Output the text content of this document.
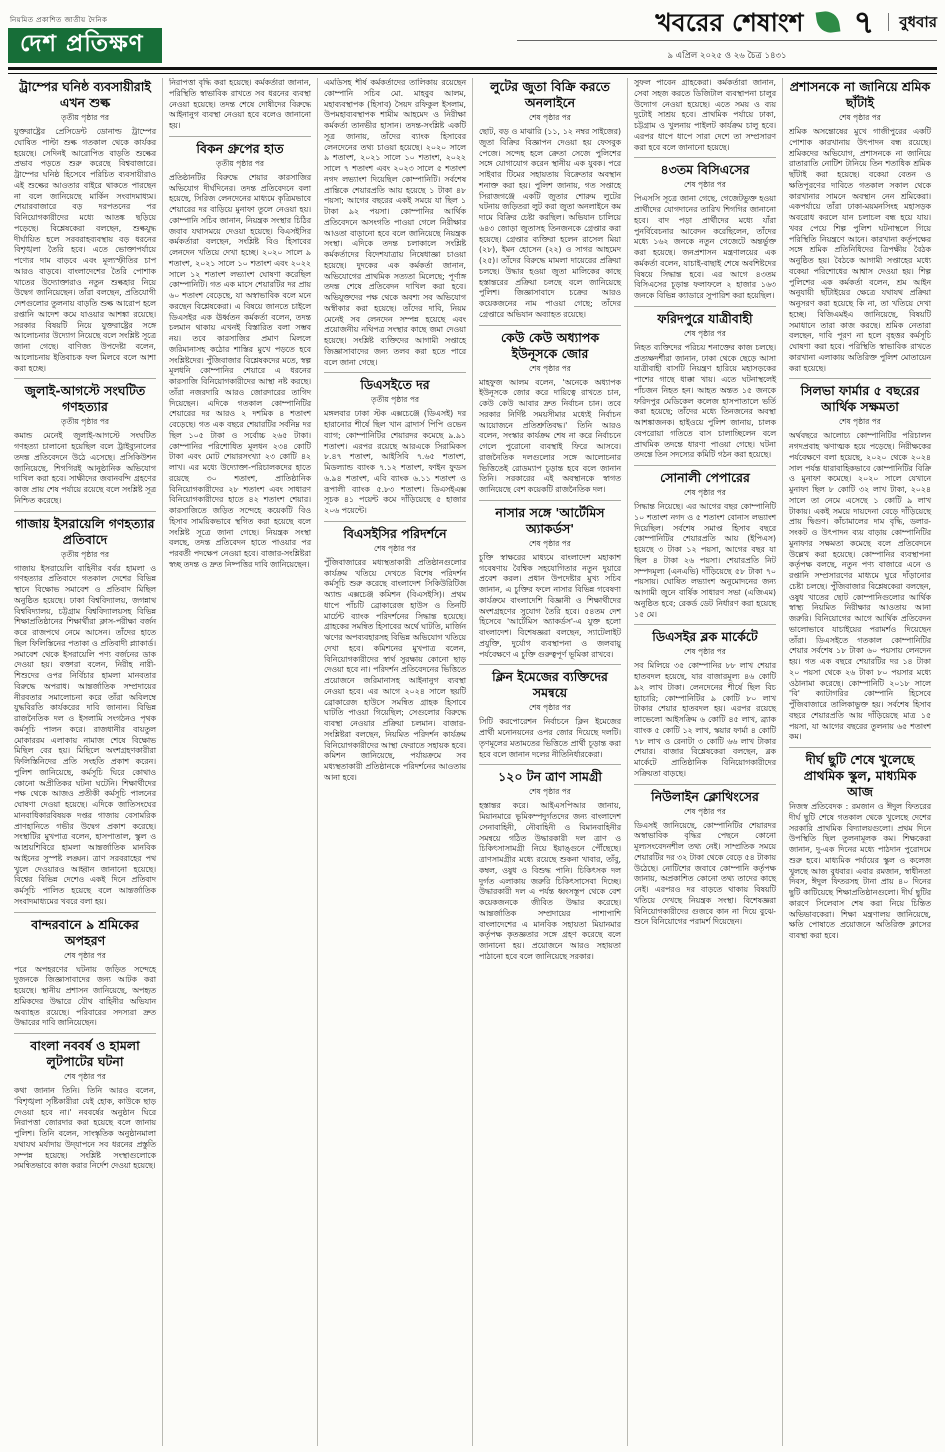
নিয়মিত প্রকাশিত জাতীয় দৈনিক
দেশ প্রতিক্ষণ
খবরের শেষাংশ ৭	বুধবার
৯ এপ্রিল ২০২৫ ও ২৬ চৈত্র ১৪৩১
ট্রাম্পের ঘনিষ্ঠ ব্যবসায়ীরাই এখন শুল্ক
তৃতীয় পৃষ্ঠার পর

যুক্তরাষ্ট্রের প্রেসিডেন্ট ডোনাল্ড ট্রাম্পের ঘোষিত পাল্টা শুল্ক গতকাল থেকে কার্যকর হয়েছে। সেদিনই আরোপিত বাড়তি শুল্কের প্রভাব পড়তে শুরু করেছে বিশ্ববাজারে। ট্রাম্পের ঘনিষ্ঠ হিসেবে পরিচিত ব্যবসায়ীরাও এই শুল্কের আওতার বাইরে থাকতে পারছেন না বলে জানিয়েছে মার্কিন সংবাদমাধ্যম। শেয়ারবাজারে বড় দরপতনের পর বিনিয়োগকারীদের মধ্যে আতঙ্ক ছড়িয়ে পড়েছে। বিশ্লেষকেরা বলছেন, শুল্কযুদ্ধ দীর্ঘায়িত হলে সরবরাহব্যবস্থায় বড় ধরনের বিশৃঙ্খলা তৈরি হবে। এতে ভোক্তাপর্যায়ে পণ্যের দাম বাড়বে এবং মূল্যস্ফীতির চাপ আরও বাড়বে। বাংলাদেশের তৈরি পোশাক খাতের উদ্যোক্তারাও নতুন শুল্কহার নিয়ে উদ্বেগ জানিয়েছেন। তাঁরা বলছেন, প্রতিযোগী দেশগুলোর তুলনায় বাড়তি শুল্ক আরোপ হলে রপ্তানি আদেশ কমে যাওয়ার আশঙ্কা রয়েছে। সরকার বিষয়টি নিয়ে যুক্তরাষ্ট্রের সঙ্গে আলোচনার উদ্যোগ নিয়েছে বলে সংশ্লিষ্ট সূত্রে জানা গেছে। বাণিজ্য উপদেষ্টা বলেন, আলোচনায় ইতিবাচক ফল মিলবে বলে আশা করা হচ্ছে।

জুলাই-আগস্টে সংঘটিত গণহত্যার
তৃতীয় পৃষ্ঠার পর

কমান্ড মেনেই জুলাই-আগস্টে সংঘটিত গণহত্যা চালানো হয়েছিল বলে ট্রাইব্যুনালের তদন্ত প্রতিবেদনে উঠে এসেছে। প্রসিকিউশন জানিয়েছে, শিগগিরই আনুষ্ঠানিক অভিযোগ দাখিল করা হবে। সাক্ষীদের জবানবন্দি গ্রহণের কাজ প্রায় শেষ পর্যায়ে রয়েছে বলে সংশ্লিষ্ট সূত্র নিশ্চিত করেছে।

গাজায় ইসরায়েলি গণহত্যার প্রতিবাদে
তৃতীয় পৃষ্ঠার পর

গাজায় ইসরায়েলি বাহিনীর বর্বর হামলা ও গণহত্যার প্রতিবাদে গতকাল দেশের বিভিন্ন স্থানে বিক্ষোভ সমাবেশ ও প্রতিবাদ মিছিল অনুষ্ঠিত হয়েছে। ঢাকা বিশ্ববিদ্যালয়, জগন্নাথ বিশ্ববিদ্যালয়, চট্টগ্রাম বিশ্ববিদ্যালয়সহ বিভিন্ন শিক্ষাপ্রতিষ্ঠানের শিক্ষার্থীরা ক্লাস-পরীক্ষা বর্জন করে রাজপথে নেমে আসেন। তাঁদের হাতে ছিল ফিলিস্তিনের পতাকা ও প্রতিবাদী প্ল্যাকার্ড। সমাবেশ থেকে ইসরায়েলি পণ্য বর্জনের ডাক দেওয়া হয়। বক্তারা বলেন, নিরীহ নারী-শিশুদের ওপর নির্বিচার হামলা মানবতার বিরুদ্ধে অপরাধ। আন্তর্জাতিক সম্প্রদায়ের নীরবতার সমালোচনা করে তাঁরা অবিলম্বে যুদ্ধবিরতি কার্যকরের দাবি জানান। বিভিন্ন রাজনৈতিক দল ও ইসলামি সংগঠনও পৃথক কর্মসূচি পালন করে। রাজধানীর বায়তুল মোকাররম এলাকায় নামাজ শেষে বিক্ষোভ মিছিল বের হয়। মিছিলে অংশগ্রহণকারীরা ফিলিস্তিনিদের প্রতি সংহতি প্রকাশ করেন। পুলিশ জানিয়েছে, কর্মসূচি ঘিরে কোথাও কোনো অপ্রীতিকর ঘটনা ঘটেনি। শিক্ষার্থীদের পক্ষ থেকে আজও প্রতীকী কর্মসূচি পালনের ঘোষণা দেওয়া হয়েছে। এদিকে জাতিসংঘের মানবাধিকারবিষয়ক দপ্তর গাজায় বেসামরিক প্রাণহানিতে গভীর উদ্বেগ প্রকাশ করেছে। সংস্থাটির মুখপাত্র বলেন, হাসপাতাল, স্কুল ও আশ্রয়শিবিরে হামলা আন্তর্জাতিক মানবিক আইনের সুস্পষ্ট লঙ্ঘন। ত্রাণ সরবরাহের পথ খুলে দেওয়ারও আহ্বান জানানো হয়েছে। বিশ্বের বিভিন্ন দেশেও একই দিনে প্রতিবাদ কর্মসূচি পালিত হয়েছে বলে আন্তর্জাতিক সংবাদমাধ্যমের খবরে বলা হয়।

বান্দরবানে ৯ শ্রমিকের অপহরণ
শেষ পৃষ্ঠার পর

পরে অপহরণের ঘটনায় জড়িত সন্দেহে দুজনকে জিজ্ঞাসাবাদের জন্য আটক করা হয়েছে। স্থানীয় প্রশাসন জানিয়েছে, অপহৃত শ্রমিকদের উদ্ধারে যৌথ বাহিনীর অভিযান অব্যাহত রয়েছে। পরিবারের সদস্যরা দ্রুত উদ্ধারের দাবি জানিয়েছেন।

বাংলা নববর্ষ ও হামলা লুটপাটের ঘটনা
শেষ পৃষ্ঠার পর

কথা জানান তিনি। তিনি আরও বলেন, 'বিশৃঙ্খলা সৃষ্টিকারীরা যেই হোক, কাউকে ছাড় দেওয়া হবে না।' নববর্ষের অনুষ্ঠান ঘিরে নিরাপত্তা জোরদার করা হয়েছে বলে জানায় পুলিশ। তিনি বলেন, সাংস্কৃতিক অনুষ্ঠানমালা যথাযথ মর্যাদায় উদ্‌যাপনে সব ধরনের প্রস্তুতি সম্পন্ন হয়েছে। সংশ্লিষ্ট সংস্থাগুলোকে সমন্বিতভাবে কাজ করার নির্দেশ দেওয়া হয়েছে।

নিরাপত্তা বৃদ্ধি করা হয়েছে। কর্মকর্তারা জানান, পরিস্থিতি স্বাভাবিক রাখতে সব ধরনের ব্যবস্থা নেওয়া হয়েছে। তদন্ত শেষে দোষীদের বিরুদ্ধে আইনানুগ ব্যবস্থা নেওয়া হবে বলেও জানানো হয়।

বিকন গ্রুপের হাত
তৃতীয় পৃষ্ঠার পর

প্রতিষ্ঠানটির বিরুদ্ধে শেয়ার কারসাজির অভিযোগ দীর্ঘদিনের। তদন্ত প্রতিবেদনে বলা হয়েছে, সিরিজ লেনদেনের মাধ্যমে কৃত্রিমভাবে শেয়ারের দর বাড়িয়ে মুনাফা তুলে নেওয়া হয়। কোম্পানি সচিব জানান, নিয়ন্ত্রক সংস্থার চিঠির জবাব যথাসময়ে দেওয়া হয়েছে। বিএসইসির কর্মকর্তারা বলছেন, সংশ্লিষ্ট বিও হিসাবের লেনদেন খতিয়ে দেখা হচ্ছে। ২০২০ সালে ৯ শতাংশ, ২০২১ সালে ১০ শতাংশ এবং ২০২২ সালে ১২ শতাংশ লভ্যাংশ ঘোষণা করেছিল কোম্পানিটি। গত এক মাসে শেয়ারটির দর প্রায় ৬০ শতাংশ বেড়েছে, যা অস্বাভাবিক বলে মনে করছেন বিশ্লেষকেরা। এ বিষয়ে জানতে চাইলে ডিএসইর এক ঊর্ধ্বতন কর্মকর্তা বলেন, তদন্ত চলমান থাকায় এখনই বিস্তারিত বলা সম্ভব নয়। তবে কারসাজির প্রমাণ মিললে জরিমানাসহ কঠোর শাস্তির মুখে পড়তে হবে সংশ্লিষ্টদের। পুঁজিবাজার বিশ্লেষকদের মতে, স্বল্প মূলধনি কোম্পানির শেয়ারে এ ধরনের কারসাজি বিনিয়োগকারীদের আস্থা নষ্ট করছে। তাঁরা নজরদারি আরও জোরদারের তাগিদ দিয়েছেন। এদিকে গতকাল কোম্পানিটির শেয়ারের দর আরও ২ দশমিক ৪ শতাংশ বেড়েছে। গত এক বছরে শেয়ারটির সর্বনিম্ন দর ছিল ১০৫ টাকা ও সর্বোচ্চ ২৬৫ টাকা। কোম্পানির পরিশোধিত মূলধন ২৩৪ কোটি টাকা এবং মোট শেয়ারসংখ্যা ২৩ কোটি ৪২ লাখ। এর মধ্যে উদ্যোক্তা-পরিচালকদের হাতে রয়েছে ৩০ শতাংশ, প্রাতিষ্ঠানিক বিনিয়োগকারীদের ২৮ শতাংশ এবং সাধারণ বিনিয়োগকারীদের হাতে ৪২ শতাংশ শেয়ার। কারসাজিতে জড়িত সন্দেহে কয়েকটি বিও হিসাব সাময়িকভাবে স্থগিত করা হয়েছে বলে সংশ্লিষ্ট সূত্রে জানা গেছে। নিয়ন্ত্রক সংস্থা বলছে, তদন্ত প্রতিবেদন হাতে পাওয়ার পর পরবর্তী পদক্ষেপ নেওয়া হবে। বাজার-সংশ্লিষ্টরা স্বচ্ছ তদন্ত ও দ্রুত নিষ্পত্তির দাবি জানিয়েছেন।

এমডিসহ শীর্ষ কর্মকর্তাদের তালিকায় রয়েছেন কোম্পানি সচিব মো. মাহবুব আলম, মহাব্যবস্থাপক (হিসাব) সৈয়দ রফিকুল ইসলাম, উপমহাব্যবস্থাপক শামীম আহমেদ ও নিরীক্ষা কর্মকর্তা তানভীর হাসান। তদন্ত-সংশ্লিষ্ট একটি সূত্র জানায়, তাঁদের ব্যাংক হিসাবের লেনদেনের তথ্য চাওয়া হয়েছে। ২০২০ সালে ৯ শতাংশ, ২০২১ সালে ১০ শতাংশ, ২০২২ সালে ৭ শতাংশ এবং ২০২৩ সালে ৫ শতাংশ নগদ লভ্যাংশ দিয়েছিল কোম্পানিটি। সর্বশেষ প্রান্তিকে শেয়ারপ্রতি আয় হয়েছে ১ টাকা ৪৮ পয়সা; আগের বছরের একই সময়ে যা ছিল ১ টাকা ৯২ পয়সা। কোম্পানির আর্থিক প্রতিবেদনে অসংগতি পাওয়া গেলে নিরীক্ষার আওতা বাড়ানো হবে বলে জানিয়েছে নিয়ন্ত্রক সংস্থা। এদিকে তদন্ত চলাকালে সংশ্লিষ্ট কর্মকর্তাদের বিদেশযাত্রায় নিষেধাজ্ঞা চাওয়া হয়েছে। দুদকের এক কর্মকর্তা জানান, অভিযোগের প্রাথমিক সত্যতা মিলেছে; পূর্ণাঙ্গ তদন্ত শেষে প্রতিবেদন দাখিল করা হবে। অভিযুক্তদের পক্ষ থেকে অবশ্য সব অভিযোগ অস্বীকার করা হয়েছে। তাঁদের দাবি, নিয়ম মেনেই সব লেনদেন সম্পন্ন হয়েছে এবং প্রয়োজনীয় নথিপত্র সংস্থার কাছে জমা দেওয়া হয়েছে। সংশ্লিষ্ট ব্যক্তিদের আগামী সপ্তাহে জিজ্ঞাসাবাদের জন্য তলব করা হতে পারে বলে জানা গেছে।

ডিএসইতে দর
তৃতীয় পৃষ্ঠার পর

মঙ্গলবার ঢাকা স্টক এক্সচেঞ্জে (ডিএসই) দর হারানোর শীর্ষে ছিল খান ব্রাদার্স পিপি ওভেন ব্যাগ; কোম্পানিটির শেয়ারদর কমেছে ৯.৯১ শতাংশ। এরপর রয়েছে আরএকে সিরামিকস ৮.৪৭ শতাংশ, আইসিবি ৭.৬৫ শতাংশ, মিডল্যান্ড ব্যাংক ৭.১২ শতাংশ, ফাইন ফুডস ৬.৯৪ শতাংশ, এবি ব্যাংক ৬.১১ শতাংশ ও রূপালী ব্যাংক ৫.৮৩ শতাংশ। ডিএসইএক্স সূচক ৪১ পয়েন্ট কমে দাঁড়িয়েছে ৫ হাজার ২০৬ পয়েন্টে।

বিএসইসির পরিদর্শনে
শেষ পৃষ্ঠার পর

পুঁজিবাজারের মধ্যস্থতাকারী প্রতিষ্ঠানগুলোর কার্যক্রম খতিয়ে দেখতে বিশেষ পরিদর্শন কর্মসূচি শুরু করেছে বাংলাদেশ সিকিউরিটিজ অ্যান্ড এক্সচেঞ্জ কমিশন (বিএসইসি)। প্রথম ধাপে পাঁচটি ব্রোকারেজ হাউস ও তিনটি মার্চেন্ট ব্যাংক পরিদর্শনের সিদ্ধান্ত হয়েছে। গ্রাহকের সমন্বিত হিসাবের অর্থে ঘাটতি, মার্জিন ঋণের অপব্যবহারসহ বিভিন্ন অভিযোগ খতিয়ে দেখা হবে। কমিশনের মুখপাত্র বলেন, বিনিয়োগকারীদের স্বার্থ সুরক্ষায় কোনো ছাড় দেওয়া হবে না। পরিদর্শন প্রতিবেদনের ভিত্তিতে প্রয়োজনে জরিমানাসহ আইনানুগ ব্যবস্থা নেওয়া হবে। এর আগে ২০২৪ সালে ছয়টি ব্রোকারেজ হাউসে সমন্বিত গ্রাহক হিসাবে ঘাটতি পাওয়া গিয়েছিল; সেগুলোর বিরুদ্ধে ব্যবস্থা নেওয়ার প্রক্রিয়া চলমান। বাজার-সংশ্লিষ্টরা বলছেন, নিয়মিত পরিদর্শন কার্যক্রম বিনিয়োগকারীদের আস্থা ফেরাতে সহায়ক হবে। কমিশন জানিয়েছে, পর্যায়ক্রমে সব মধ্যস্থতাকারী প্রতিষ্ঠানকে পরিদর্শনের আওতায় আনা হবে।

লুটের জুতা বিক্রি করতে অনলাইনে
শেষ পৃষ্ঠার পর

ছোট, বড় ও মাঝারি (১১, ১২ নম্বর সাইজের) জুতা বিক্রির বিজ্ঞাপন দেওয়া হয় ফেসবুক পেজে। সন্দেহ হলে ক্রেতা সেজে পুলিশের সঙ্গে যোগাযোগ করেন স্থানীয় এক যুবক। পরে সাইবার টিমের সহায়তায় বিক্রেতার অবস্থান শনাক্ত করা হয়। পুলিশ জানায়, গত সপ্তাহে সিরাজগঞ্জে একটি জুতার শোরুম লুটের ঘটনায় জড়িতরা লুট করা জুতা অনলাইনে কম দামে বিক্রির চেষ্টা করছিল। অভিযান চালিয়ে ৬৪৩ জোড়া জুতাসহ তিনজনকে গ্রেপ্তার করা হয়েছে। গ্রেপ্তার ব্যক্তিরা হলেন রাসেল মিয়া (২৮), ইমন হোসেন (২২) ও সাগর আহমেদ (২৫)। তাঁদের বিরুদ্ধে মামলা দায়েরের প্রক্রিয়া চলছে। উদ্ধার হওয়া জুতা মালিকের কাছে হস্তান্তরের প্রক্রিয়া চলছে বলে জানিয়েছে পুলিশ। জিজ্ঞাসাবাদে চক্রের আরও কয়েকজনের নাম পাওয়া গেছে; তাঁদের গ্রেপ্তারে অভিযান অব্যাহত রয়েছে।

কেউ কেউ অধ্যাপক ইউনূসকে জোর
শেষ পৃষ্ঠার পর

মাহফুজ আলম বলেন, 'অনেকে অধ্যাপক ইউনূসকে জোর করে দায়িত্বে রাখতে চান, কেউ কেউ আবার দ্রুত নির্বাচন চান। তবে সরকার নির্দিষ্ট সময়সীমার মধ্যেই নির্বাচন আয়োজনে প্রতিশ্রুতিবদ্ধ।' তিনি আরও বলেন, সংস্কার কার্যক্রম শেষ না করে নির্বাচনে গেলে পুরোনো ব্যবস্থাই ফিরে আসবে। রাজনৈতিক দলগুলোর সঙ্গে আলোচনার ভিত্তিতেই রোডম্যাপ চূড়ান্ত হবে বলে জানান তিনি। সরকারের এই অবস্থানকে স্বাগত জানিয়েছে বেশ কয়েকটি রাজনৈতিক দল।

নাসার সঙ্গে 'আর্টেমিস অ্যাকর্ডস'
শেষ পৃষ্ঠার পর

চুক্তি স্বাক্ষরের মাধ্যমে বাংলাদেশ মহাকাশ গবেষণায় বৈশ্বিক সহযোগিতার নতুন দুয়ারে প্রবেশ করল। প্রধান উপদেষ্টার মুখ্য সচিব জানান, এ চুক্তির ফলে নাসার বিভিন্ন গবেষণা কার্যক্রমে বাংলাদেশি বিজ্ঞানী ও শিক্ষার্থীদের অংশগ্রহণের সুযোগ তৈরি হবে। ৫৪তম দেশ হিসেবে 'আর্টেমিস অ্যাকর্ডস'-এ যুক্ত হলো বাংলাদেশ। বিশেষজ্ঞরা বলছেন, স্যাটেলাইট প্রযুক্তি, দুর্যোগ ব্যবস্থাপনা ও জলবায়ু পর্যবেক্ষণে এ চুক্তি গুরুত্বপূর্ণ ভূমিকা রাখবে।

ক্লিন ইমেজের ব্যক্তিদের সমন্বয়ে
শেষ পৃষ্ঠার পর

সিটি করপোরেশন নির্বাচনে ক্লিন ইমেজের প্রার্থী মনোনয়নের ওপর জোর দিয়েছে দলটি। তৃণমূলের মতামতের ভিত্তিতে প্রার্থী চূড়ান্ত করা হবে বলে জানান দলের নীতিনির্ধারকেরা।

১২০ টন ত্রাণ সামগ্রী
শেষ পৃষ্ঠার পর

হস্তান্তর করে। আইএসপিআর জানায়, মিয়ানমারে ভূমিকম্পদুর্গতদের জন্য বাংলাদেশ সেনাবাহিনী, নৌবাহিনী ও বিমানবাহিনীর সমন্বয়ে গঠিত উদ্ধারকারী দল ত্রাণ ও চিকিৎসাসামগ্রী নিয়ে ইয়াঙ্গুনে পৌঁছেছে। ত্রাণসামগ্রীর মধ্যে রয়েছে শুকনা খাবার, তাঁবু, কম্বল, ওষুধ ও বিশুদ্ধ পানি। চিকিৎসক দল দুর্গত এলাকায় জরুরি চিকিৎসাসেবা দিচ্ছে। উদ্ধারকারী দল এ পর্যন্ত ধ্বংসস্তূপ থেকে বেশ কয়েকজনকে জীবিত উদ্ধার করেছে। আন্তর্জাতিক সম্প্রদায়ের পাশাপাশি বাংলাদেশের এ মানবিক সহায়তা মিয়ানমার কর্তৃপক্ষ কৃতজ্ঞতার সঙ্গে গ্রহণ করেছে বলে জানানো হয়। প্রয়োজনে আরও সহায়তা পাঠানো হবে বলে জানিয়েছে সরকার।

সুফল পাবেন গ্রাহকেরা। কর্মকর্তারা জানান, সেবা সহজ করতে ডিজিটাল ব্যবস্থাপনা চালুর উদ্যোগ নেওয়া হয়েছে। এতে সময় ও ব্যয় দুটোই সাশ্রয় হবে। প্রাথমিক পর্যায়ে ঢাকা, চট্টগ্রাম ও খুলনায় পাইলট কার্যক্রম চালু হবে। এরপর ধাপে ধাপে সারা দেশে তা সম্প্রসারণ করা হবে বলে জানানো হয়েছে।

৪৩তম বিসিএসের
শেষ পৃষ্ঠার পর

পিএসসি সূত্রে জানা গেছে, গেজেটভুক্ত হওয়া প্রার্থীদের যোগদানের তারিখ শিগগির জানানো হবে। বাদ পড়া প্রার্থীদের মধ্যে যাঁরা পুনর্বিবেচনার আবেদন করেছিলেন, তাঁদের মধ্যে ১৬২ জনকে নতুন গেজেটে অন্তর্ভুক্ত করা হয়েছে। জনপ্রশাসন মন্ত্রণালয়ের এক কর্মকর্তা বলেন, যাচাই-বাছাই শেষে অবশিষ্টদের বিষয়ে সিদ্ধান্ত হবে। এর আগে ৪৩তম বিসিএসের চূড়ান্ত ফলাফলে ২ হাজার ১৬৩ জনকে বিভিন্ন ক্যাডারে সুপারিশ করা হয়েছিল।

ফরিদপুরে যাত্রীবাহী
শেষ পৃষ্ঠার পর

নিহত ব্যক্তিদের পরিচয় শনাক্তের কাজ চলছে। প্রত্যক্ষদর্শীরা জানান, ঢাকা থেকে ছেড়ে আসা যাত্রীবাহী বাসটি নিয়ন্ত্রণ হারিয়ে মহাসড়কের পাশের গাছে ধাক্কা খায়। এতে ঘটনাস্থলেই পাঁচজন নিহত হন। আহত অন্তত ১৫ জনকে ফরিদপুর মেডিকেল কলেজ হাসপাতালে ভর্তি করা হয়েছে; তাঁদের মধ্যে তিনজনের অবস্থা আশঙ্কাজনক। হাইওয়ে পুলিশ জানায়, চালক বেপরোয়া গতিতে বাস চালাচ্ছিলেন বলে প্রাথমিক তদন্তে ধারণা পাওয়া গেছে। ঘটনা তদন্তে তিন সদস্যের কমিটি গঠন করা হয়েছে।

সোনালী পেপারের
শেষ পৃষ্ঠার পর

সিদ্ধান্ত নিয়েছে। এর আগের বছর কোম্পানিটি ১০ শতাংশ নগদ ও ৫ শতাংশ বোনাস লভ্যাংশ দিয়েছিল। সর্বশেষ সমাপ্ত হিসাব বছরে কোম্পানিটির শেয়ারপ্রতি আয় (ইপিএস) হয়েছে ৩ টাকা ১২ পয়সা, আগের বছর যা ছিল ৪ টাকা ২৬ পয়সা। শেয়ারপ্রতি নিট সম্পদমূল্য (এনএভি) দাঁড়িয়েছে ৫৮ টাকা ৭০ পয়সায়। ঘোষিত লভ্যাংশ অনুমোদনের জন্য আগামী জুনে বার্ষিক সাধারণ সভা (এজিএম) অনুষ্ঠিত হবে; রেকর্ড ডেট নির্ধারণ করা হয়েছে ১৫ মে।

ডিএসইর ব্লক মার্কেটে
শেষ পৃষ্ঠার পর

সব মিলিয়ে ৩৫ কোম্পানির ৮৮ লাখ শেয়ার হাতবদল হয়েছে, যার বাজারমূল্য ৪৬ কোটি ৯২ লাখ টাকা। লেনদেনের শীর্ষে ছিল বিচ হ্যাচারি; কোম্পানিটির ৯ কোটি ৮০ লাখ টাকার শেয়ার হাতবদল হয়। এরপর রয়েছে লাভেলো আইসক্রিম ৬ কোটি ৪৫ লাখ, ব্র্যাক ব্যাংক ৫ কোটি ১২ লাখ, স্কয়ার ফার্মা ৪ কোটি ৭৮ লাখ ও রেনাটা ৩ কোটি ৬৬ লাখ টাকার শেয়ার। বাজার বিশ্লেষকেরা বলছেন, ব্লক মার্কেটে প্রাতিষ্ঠানিক বিনিয়োগকারীদের সক্রিয়তা বাড়ছে।

নিউলাইন ক্লোথিংসের
শেষ পৃষ্ঠার পর

ডিএসই জানিয়েছে, কোম্পানিটির শেয়ারদর অস্বাভাবিক বৃদ্ধির পেছনে কোনো মূল্যসংবেদনশীল তথ্য নেই। সাম্প্রতিক সময়ে শেয়ারটির দর ৩২ টাকা থেকে বেড়ে ৫৪ টাকায় উঠেছে। নোটিশের জবাবে কোম্পানি কর্তৃপক্ষ জানায়, অপ্রকাশিত কোনো তথ্য তাদের কাছে নেই। এরপরও দর বাড়তে থাকায় বিষয়টি খতিয়ে দেখছে নিয়ন্ত্রক সংস্থা। বিশেষজ্ঞরা বিনিয়োগকারীদের গুজবে কান না দিয়ে বুঝে-শুনে বিনিয়োগের পরামর্শ দিয়েছেন।

প্রশাসনকে না জানিয়ে শ্রমিক ছাঁটাই
শেষ পৃষ্ঠার পর

শ্রমিক অসন্তোষের মুখে গাজীপুরের একটি পোশাক কারখানায় উৎপাদন বন্ধ রয়েছে। শ্রমিকদের অভিযোগ, প্রশাসনকে না জানিয়ে রাতারাতি নোটিশ টানিয়ে তিন শতাধিক শ্রমিক ছাঁটাই করা হয়েছে। বকেয়া বেতন ও ক্ষতিপূরণের দাবিতে গতকাল সকাল থেকে কারখানার সামনে অবস্থান নেন শ্রমিকেরা। একপর্যায়ে তাঁরা ঢাকা-ময়মনসিংহ মহাসড়ক অবরোধ করলে যান চলাচল বন্ধ হয়ে যায়। খবর পেয়ে শিল্প পুলিশ ঘটনাস্থলে গিয়ে পরিস্থিতি নিয়ন্ত্রণে আনে। কারখানা কর্তৃপক্ষের সঙ্গে শ্রমিক প্রতিনিধিদের ত্রিপক্ষীয় বৈঠক অনুষ্ঠিত হয়। বৈঠকে আগামী সপ্তাহের মধ্যে বকেয়া পরিশোধের আশ্বাস দেওয়া হয়। শিল্প পুলিশের এক কর্মকর্তা বলেন, শ্রম আইন অনুযায়ী ছাঁটাইয়ের ক্ষেত্রে যথাযথ প্রক্রিয়া অনুসরণ করা হয়েছে কি না, তা খতিয়ে দেখা হচ্ছে। বিজিএমইএ জানিয়েছে, বিষয়টি সমাধানে তারা কাজ করছে। শ্রমিক নেতারা বলছেন, দাবি পূরণ না হলে বৃহত্তর কর্মসূচি ঘোষণা করা হবে। পরিস্থিতি স্বাভাবিক রাখতে কারখানা এলাকায় অতিরিক্ত পুলিশ মোতায়েন করা হয়েছে।

সিলভা ফার্মার ৫ বছরের আর্থিক সক্ষমতা
শেষ পৃষ্ঠার পর

অর্থবছরে আলোচ্য কোম্পানিটির পরিচালন নগদপ্রবাহ ঋণাত্মক হয়ে পড়েছে। নিরীক্ষকের পর্যবেক্ষণে বলা হয়েছে, ২০২০ থেকে ২০২৪ সাল পর্যন্ত ধারাবাহিকভাবে কোম্পানিটির বিক্রি ও মুনাফা কমেছে। ২০২০ সালে যেখানে মুনাফা ছিল ৮ কোটি ৩২ লাখ টাকা, ২০২৪ সালে তা নেমে এসেছে ১ কোটি ৯ লাখ টাকায়। একই সময়ে দায়দেনা বেড়ে দাঁড়িয়েছে প্রায় দ্বিগুণ। কাঁচামালের দাম বৃদ্ধি, ডলার-সংকট ও উৎপাদন ব্যয় বাড়ায় কোম্পানিটির মুনাফার সক্ষমতা কমেছে বলে প্রতিবেদনে উল্লেখ করা হয়েছে। কোম্পানির ব্যবস্থাপনা কর্তৃপক্ষ বলছে, নতুন পণ্য বাজারে এনে ও রপ্তানি সম্প্রসারণের মাধ্যমে ঘুরে দাঁড়ানোর চেষ্টা চলছে। পুঁজিবাজার বিশ্লেষকেরা বলছেন, ওষুধ খাতের ছোট কোম্পানিগুলোর আর্থিক স্বাস্থ্য নিয়মিত নিরীক্ষার আওতায় আনা জরুরি। বিনিয়োগের আগে আর্থিক প্রতিবেদন ভালোভাবে যাচাইয়ের পরামর্শও দিয়েছেন তাঁরা। ডিএসইতে গতকাল কোম্পানিটির শেয়ার সর্বশেষ ১৮ টাকা ৬০ পয়সায় লেনদেন হয়। গত এক বছরে শেয়ারটির দর ১৪ টাকা ২০ পয়সা থেকে ২৬ টাকা ৮০ পয়সার মধ্যে ওঠানামা করেছে। কোম্পানিটি ২০১৮ সালে 'বি' ক্যাটাগরির কোম্পানি হিসেবে পুঁজিবাজারে তালিকাভুক্ত হয়। সর্বশেষ হিসাব বছরে শেয়ারপ্রতি আয় দাঁড়িয়েছে মাত্র ১৫ পয়সা, যা আগের বছরের তুলনায় ৬৫ শতাংশ কম।

দীর্ঘ ছুটি শেষে খুলেছে প্রাথমিক স্কুল, মাধ্যমিক আজ

নিজস্ব প্রতিবেদক : রমজান ও ঈদুল ফিতরের দীর্ঘ ছুটি শেষে গতকাল থেকে খুলেছে দেশের সরকারি প্রাথমিক বিদ্যালয়গুলো। প্রথম দিনে উপস্থিতি ছিল তুলনামূলক কম। শিক্ষকেরা জানান, দু-এক দিনের মধ্যে পাঠদান পুরোদমে শুরু হবে। মাধ্যমিক পর্যায়ের স্কুল ও কলেজ খুলছে আজ বুধবার। এবার রমজান, স্বাধীনতা দিবস, ঈদুল ফিতরসহ টানা প্রায় ৪০ দিনের ছুটি কাটিয়েছে শিক্ষাপ্রতিষ্ঠানগুলো। দীর্ঘ ছুটির কারণে সিলেবাস শেষ করা নিয়ে চিন্তিত অভিভাবকেরা। শিক্ষা মন্ত্রণালয় জানিয়েছে, ক্ষতি পোষাতে প্রয়োজনে অতিরিক্ত ক্লাসের ব্যবস্থা করা হবে।
